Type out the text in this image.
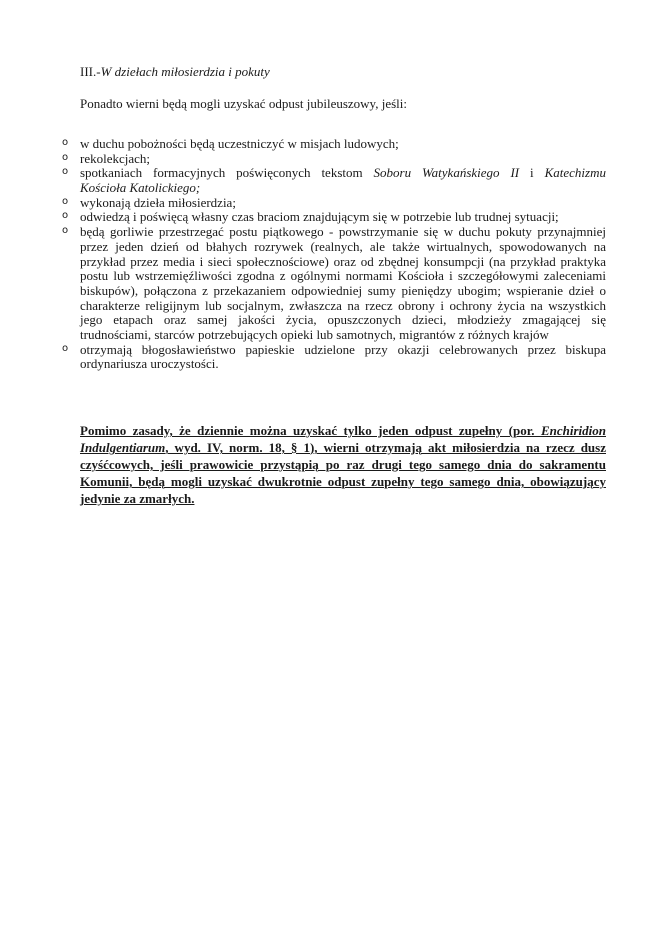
III.-W dziełach miłosierdzia i pokuty
Ponadto wierni będą mogli uzyskać odpust jubileuszowy, jeśli:
o w duchu pobożności będą uczestniczyć w misjach ludowych;
o rekolekcjach;
o spotkaniach formacyjnych poświęconych tekstom Soboru Watykańskiego II i Katechizmu
Kościoła Katolickiego;
o wykonają dzieła miłosierdzia;
o odwiedzą i poświęcą własny czas braciom znajdującym się w potrzebie lub trudnej sytuacji;
o będą gorliwie przestrzegać postu piątkowego - powstrzymanie się w duchu pokuty przynajmniej
przez jeden dzień od błahych rozrywek (realnych, ale także wirtualnych, spowodowanych na
przykład przez media i sieci społecznościowe) oraz od zbędnej konsumpcji (na przykład praktyka
postu lub wstrzemięźliwości zgodna z ogólnymi normami Kościoła i szczegółowymi zaleceniami
biskupów), połączona z przekazaniem odpowiedniej sumy pieniędzy ubogim; wspieranie dzieł o
charakterze religijnym lub socjalnym, zwłaszcza na rzecz obrony i ochrony życia na wszystkich
jego etapach oraz samej jakości życia, opuszczonych dzieci, młodzieży zmagającej się
trudnościami, starców potrzebujących opieki lub samotnych, migrantów z różnych krajów
o otrzymają błogosławieństwo papieskie udzielone przy okazji celebrowanych przez biskupa
ordynariusza uroczystości.
Pomimo zasady, że dziennie można uzyskać tylko jeden odpust zupełny (por. Enchiridion
Indulgentiarum, wyd. IV, norm. 18, § 1), wierni otrzymają akt miłosierdzia na rzecz dusz
czyśćcowych, jeśli prawowicie przystąpią po raz drugi tego samego dnia do sakramentu
Komunii, będą mogli uzyskać dwukrotnie odpust zupełny tego samego dnia, obowiązujący
jedynie za zmarłych.
